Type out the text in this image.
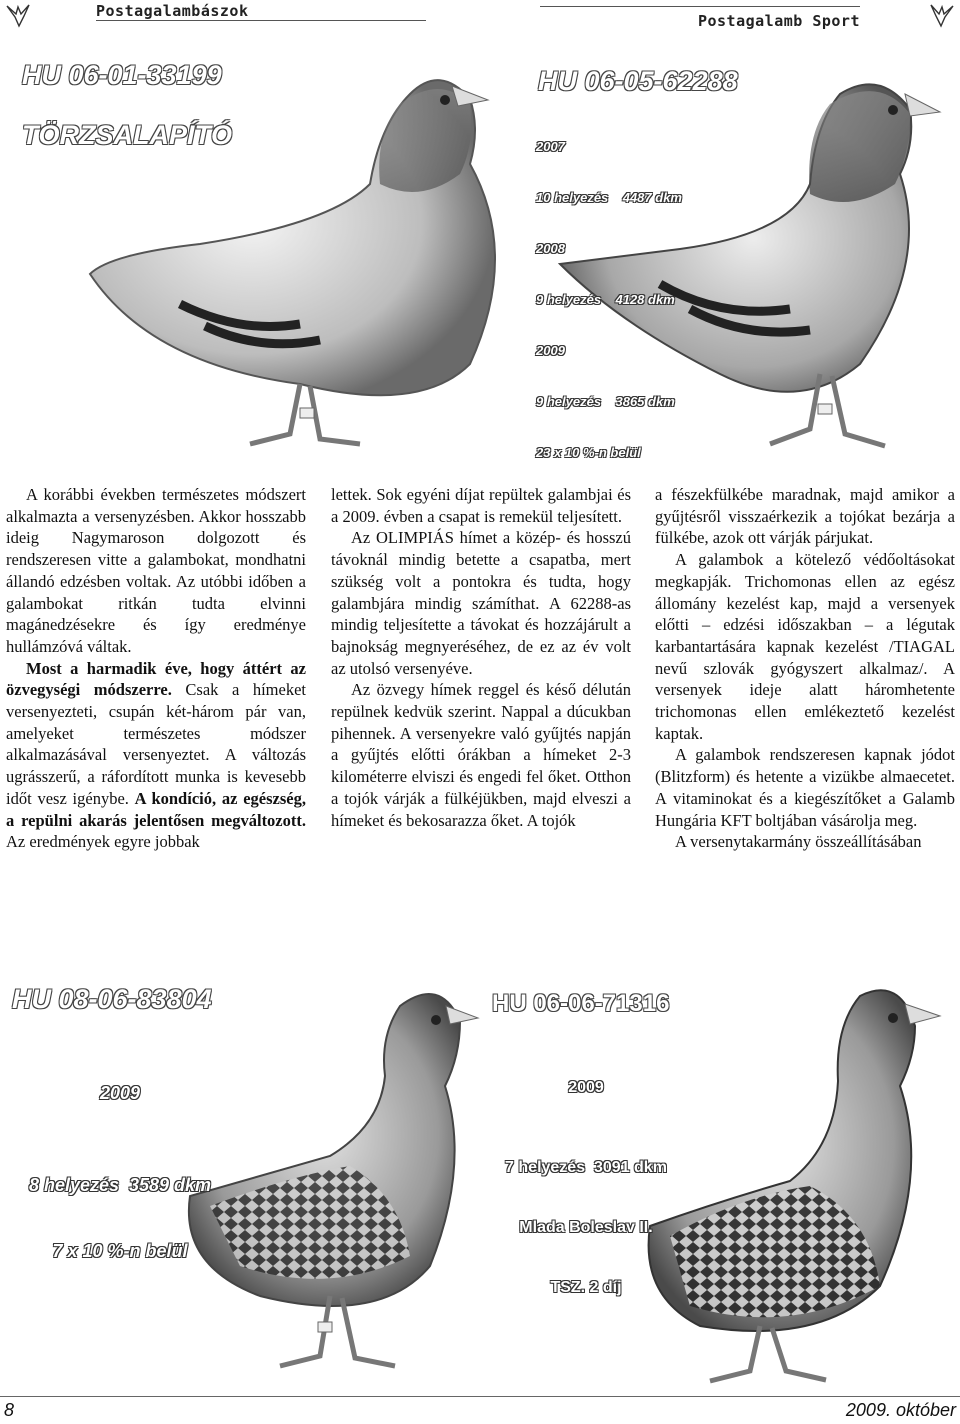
Postagalambászok
Postagalamb Sport
HU 06-01-33199
TÖRZSALAPÍTÓ
HU 06-05-62288

2007

10 helyezés    4487 dkm

2008

9 helyezés    4128 dkm

2009

9 helyezés    3865 dkm

23 x 10 %-n belül

A korábbi években természetes módszert alkalmazta a versenyzésben. Akkor hosszabb ideig Nagymaroson dolgozott és rendszeresen vitte a galambokat, mondhatni állandó edzésben voltak. Az utóbbi időben a galambokat ritkán tudta elvinni magánedzésekre és így eredménye hullámzóvá váltak.

Most a harmadik éve, hogy áttért az özvegységi módszerre. Csak a hímeket versenyezteti, csupán két-három pár van, amelyeket természetes módszer alkalmazásával versenyeztet. A változás ugrásszerű, a ráfordított munka is kevesebb időt vesz igénybe. A kondíció, az egészség, a repülni akarás jelentősen megváltozott. Az eredmények egyre jobbak

lettek. Sok egyéni díjat repültek galambjai és a 2009. évben a csapat is remekül teljesített.

Az OLIMPIÁS hímet a közép- és hosszú távoknál mindig betette a csapatba, mert szükség volt a pontokra és tudta, hogy galambjára mindig számíthat. A 62288-as mindig teljesítette a távokat és hozzájárult a bajnokság megnyeréséhez, de ez az év volt az utolsó versenyéve.

Az özvegy hímek reggel és késő délután repülnek kedvük szerint. Nappal a dúcukban pihennek. A versenyekre való gyűjtés napján a gyűjtés előtti órákban a hímeket 2-3 kilométerre elviszi és engedi fel őket. Otthon a tojók várják a fülkéjükben, majd elveszi a hímeket és bekosarazza őket. A tojók

a fészekfülkébe maradnak, majd amikor a gyűjtésről visszaérkezik a tojókat bezárja a fülkébe, azok ott várják párjukat.

A galambok a kötelező védőoltásokat megkapják. Trichomonas ellen az egész állomány kezelést kap, majd a versenyek előtti – edzési időszakban – a légutak karbantartására kapnak kezelést /TIAGAL nevű szlovák gyógyszert alkalmaz/. A versenyek ideje alatt háromhetente trichomonas ellen emlékeztető kezelést kaptak.

A galambok rendszeresen kapnak jódot (Blitzform) és hetente a vizükbe almaecetet. A vitaminokat és a kiegészítőket a Galamb Hungária KFT boltjában vásárolja meg.

A versenytakarmány összeállításában

HU 08-06-83804

2009

8 helyezés  3589 dkm

7 x 10 %-n belül

HU 06-06-71316

2009

7 helyezés  3091 dkm

Mlada Boleslav II.

TSZ. 2 díj

8	2009. október
